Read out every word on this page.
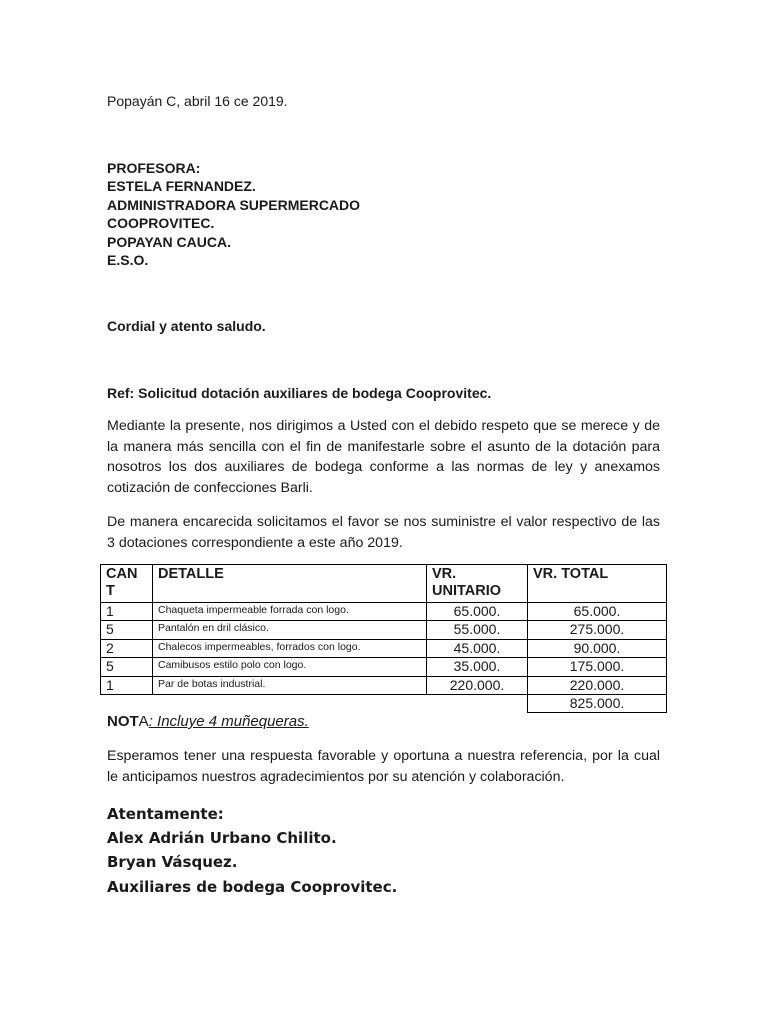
Popayán C, abril 16 ce 2019.
PROFESORA:
ESTELA FERNANDEZ.
ADMINISTRADORA SUPERMERCADO
COOPROVITEC.
POPAYAN CAUCA.
E.S.O.
Cordial y atento saludo.
Ref: Solicitud dotación auxiliares de bodega Cooprovitec.
Mediante la presente, nos dirigimos a Usted con el debido respeto que se merece y de la manera más sencilla con el fin de manifestarle sobre el asunto de la dotación para nosotros los dos auxiliares de bodega conforme a las normas de ley y anexamos cotización de confecciones Barli.
De manera encarecida solicitamos el favor se nos suministre el valor respectivo de las 3 dotaciones correspondiente a este año 2019.
CAN T	DETALLE	VR. UNITARIO	VR. TOTAL
1	Chaqueta impermeable forrada con logo.	65.000.	65.000.
5	Pantalón en dril clásico.	55.000.	275.000.
2	Chalecos impermeables, forrados con logo.	45.000.	90.000.
5	Camibusos estilo polo con logo.	35.000.	175.000.
1	Par de botas industrial.	220.000.	220.000.
			825.000.
NOTA: Incluye 4 muñequeras.
Esperamos tener una respuesta favorable y oportuna a nuestra referencia, por la cual le anticipamos nuestros agradecimientos por su atención y colaboración.
Atentamente:
Alex Adrián Urbano Chilito.
Bryan Vásquez.
Auxiliares de bodega Cooprovitec.
